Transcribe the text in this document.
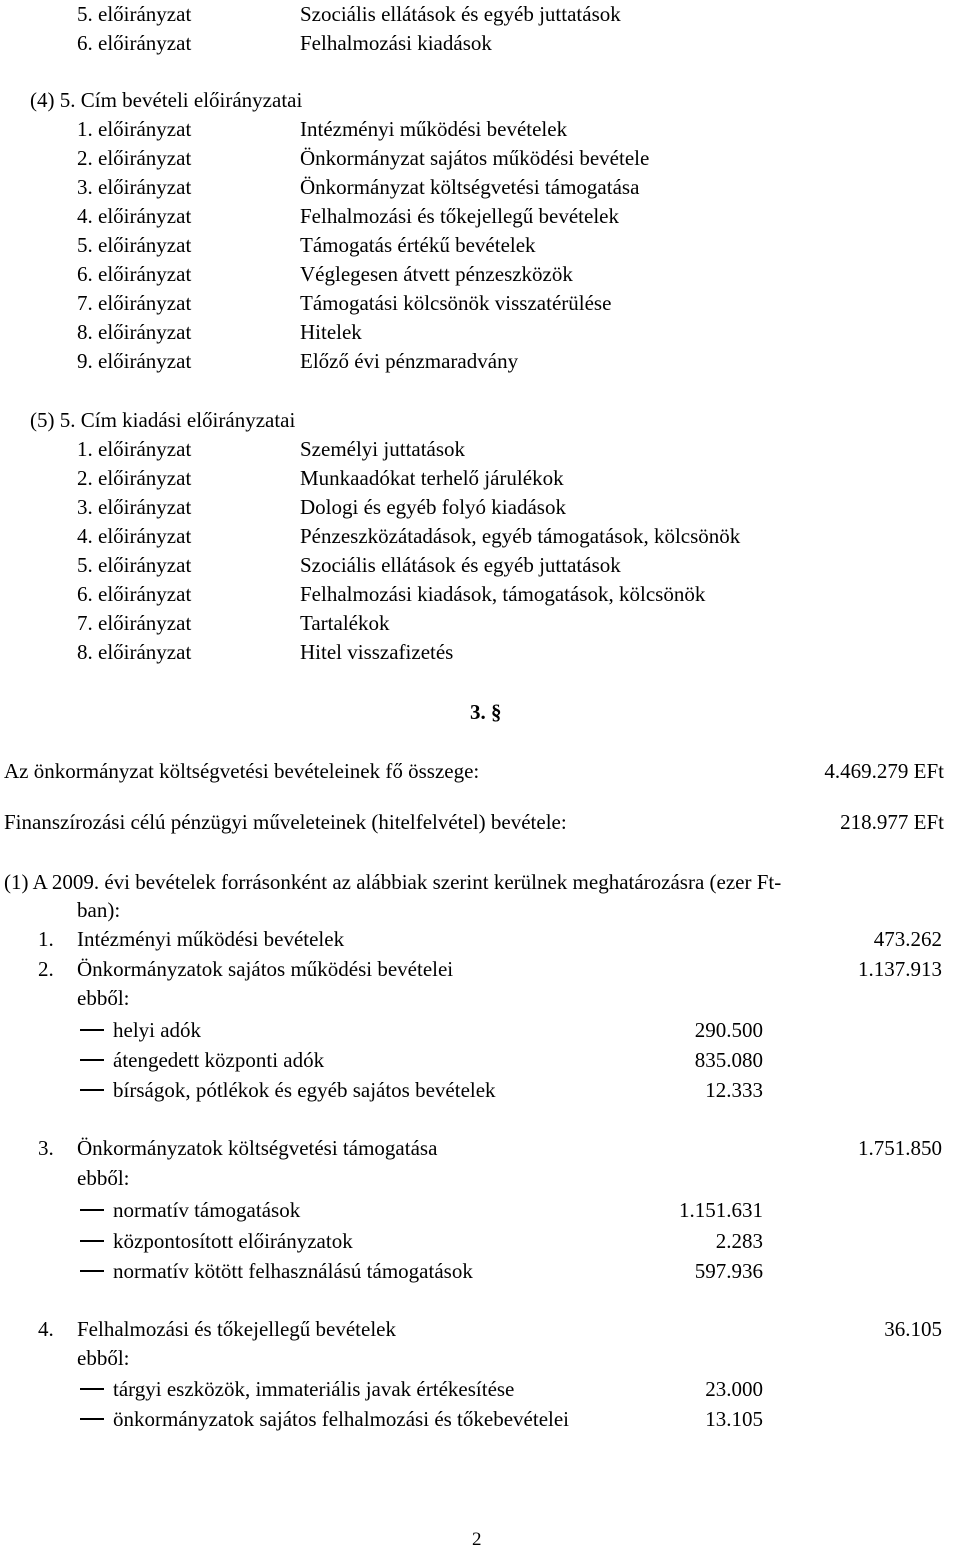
5. előirányzat	Szociális ellátások és egyéb juttatások
6. előirányzat	Felhalmozási kiadások
(4) 5. Cím bevételi előirányzatai
1. előirányzat	Intézményi működési bevételek
2. előirányzat	Önkormányzat sajátos működési bevétele
3. előirányzat	Önkormányzat költségvetési támogatása
4. előirányzat	Felhalmozási és tőkejellegű bevételek
5. előirányzat	Támogatás értékű bevételek
6. előirányzat	Véglegesen átvett pénzeszközök
7. előirányzat	Támogatási kölcsönök visszatérülése
8. előirányzat	Hitelek
9. előirányzat	Előző évi pénzmaradvány
(5) 5. Cím kiadási előirányzatai
1. előirányzat	Személyi juttatások
2. előirányzat	Munkaadókat terhelő járulékok
3. előirányzat	Dologi és egyéb folyó kiadások
4. előirányzat	Pénzeszközátadások, egyéb támogatások, kölcsönök
5. előirányzat	Szociális ellátások és egyéb juttatások
6. előirányzat	Felhalmozási kiadások, támogatások, kölcsönök
7. előirányzat	Tartalékok
8. előirányzat	Hitel visszafizetés
3. §
Az önkormányzat költségvetési bevételeinek fő összege:	4.469.279 EFt
Finanszírozási célú pénzügyi műveleteinek (hitelfelvétel) bevétele:	218.977 EFt
(1) A 2009. évi bevételek forrásonként az alábbiak szerint kerülnek meghatározásra (ezer Ft-
ban):
1. Intézményi működési bevételek	473.262
2. Önkormányzatok sajátos működési bevételei	1.137.913
ebből:
helyi adók	290.500
átengedett központi adók	835.080
bírságok, pótlékok és egyéb sajátos bevételek	12.333
3. Önkormányzatok költségvetési támogatása	1.751.850
ebből:
normatív támogatások	1.151.631
központosított előirányzatok	2.283
normatív kötött felhasználású támogatások	597.936
4. Felhalmozási és tőkejellegű bevételek	36.105
ebből:
tárgyi eszközök, immateriális javak értékesítése	23.000
önkormányzatok sajátos felhalmozási és tőkebevételei	13.105
2
